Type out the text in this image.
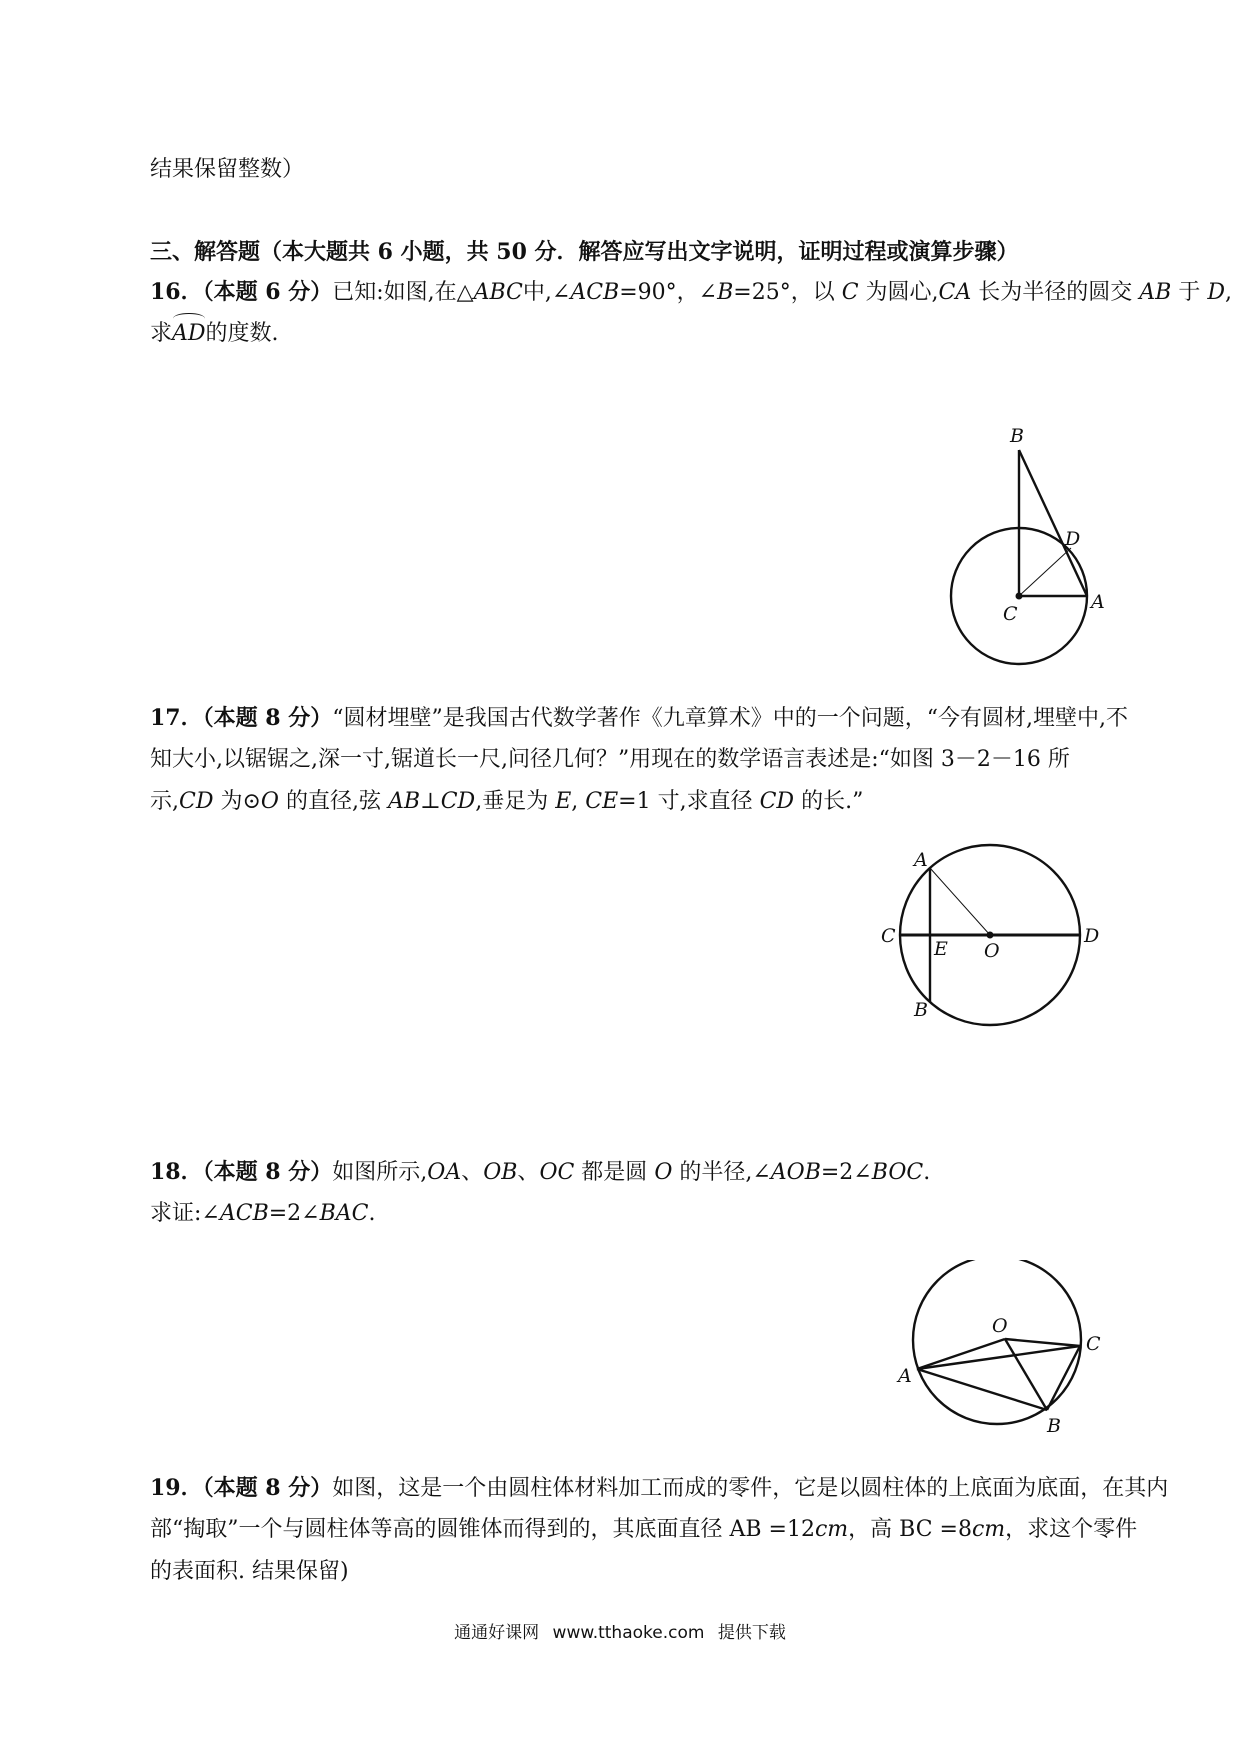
结果保留整数）
三、解答题（本大题共 6 小题，共 50 分．解答应写出文字说明，证明过程或演算步骤）
16．（本题 6 分）已知:如图,在△ABC中,∠ACB=90°，∠B=25°，以 C 为圆心,CA 长为半径的圆交 AB 于 D,
求AD的度数.
B
D
C
A
17．（本题 8 分）“圆材埋壁”是我国古代数学著作《九章算术》中的一个问题，“今有圆材,埋壁中,不
知大小,以锯锯之,深一寸,锯道长一尺,问径几何？”用现在的数学语言表述是:“如图 3－2－16 所
示,CD 为⊙O 的直径,弦 AB⊥CD,垂足为 E, CE=1 寸,求直径 CD 的长.”
A
C
E O
D
B
18．（本题 8 分）如图所示,OA、OB、OC 都是圆 O 的半径,∠AOB=2∠BOC.
求证:∠ACB=2∠BAC.
O
C
A
B
19．（本题 8 分）如图，这是一个由圆柱体材料加工而成的零件，它是以圆柱体的上底面为底面，在其内
部“掏取”一个与圆柱体等高的圆锥体而得到的，其底面直径 AB =12cm，高 BC =8cm，求这个零件
的表面积. 结果保留)
通通好课网 www.tthaoke.com 提供下载
